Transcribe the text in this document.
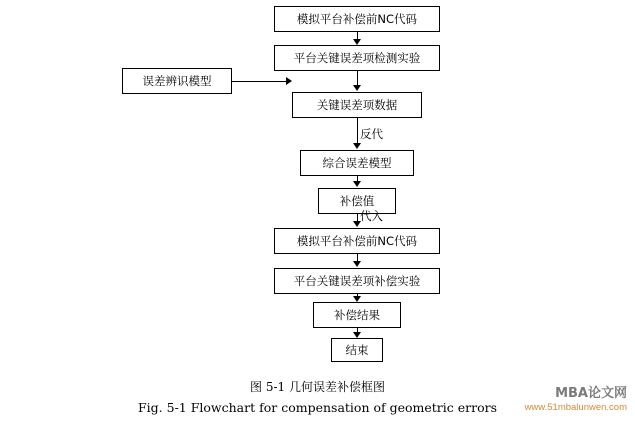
模拟平台补偿前NC代码
平台关键误差项检测实验
误差辨识模型
关键误差项数据
综合误差模型
补偿值
模拟平台补偿前NC代码
平台关键误差项补偿实验
补偿结果
结束
反代
代入
图 5-1 几何误差补偿框图
Fig. 5-1 Flowchart for compensation of geometric errors
MBA论文网
www.51mbalunwen.com
